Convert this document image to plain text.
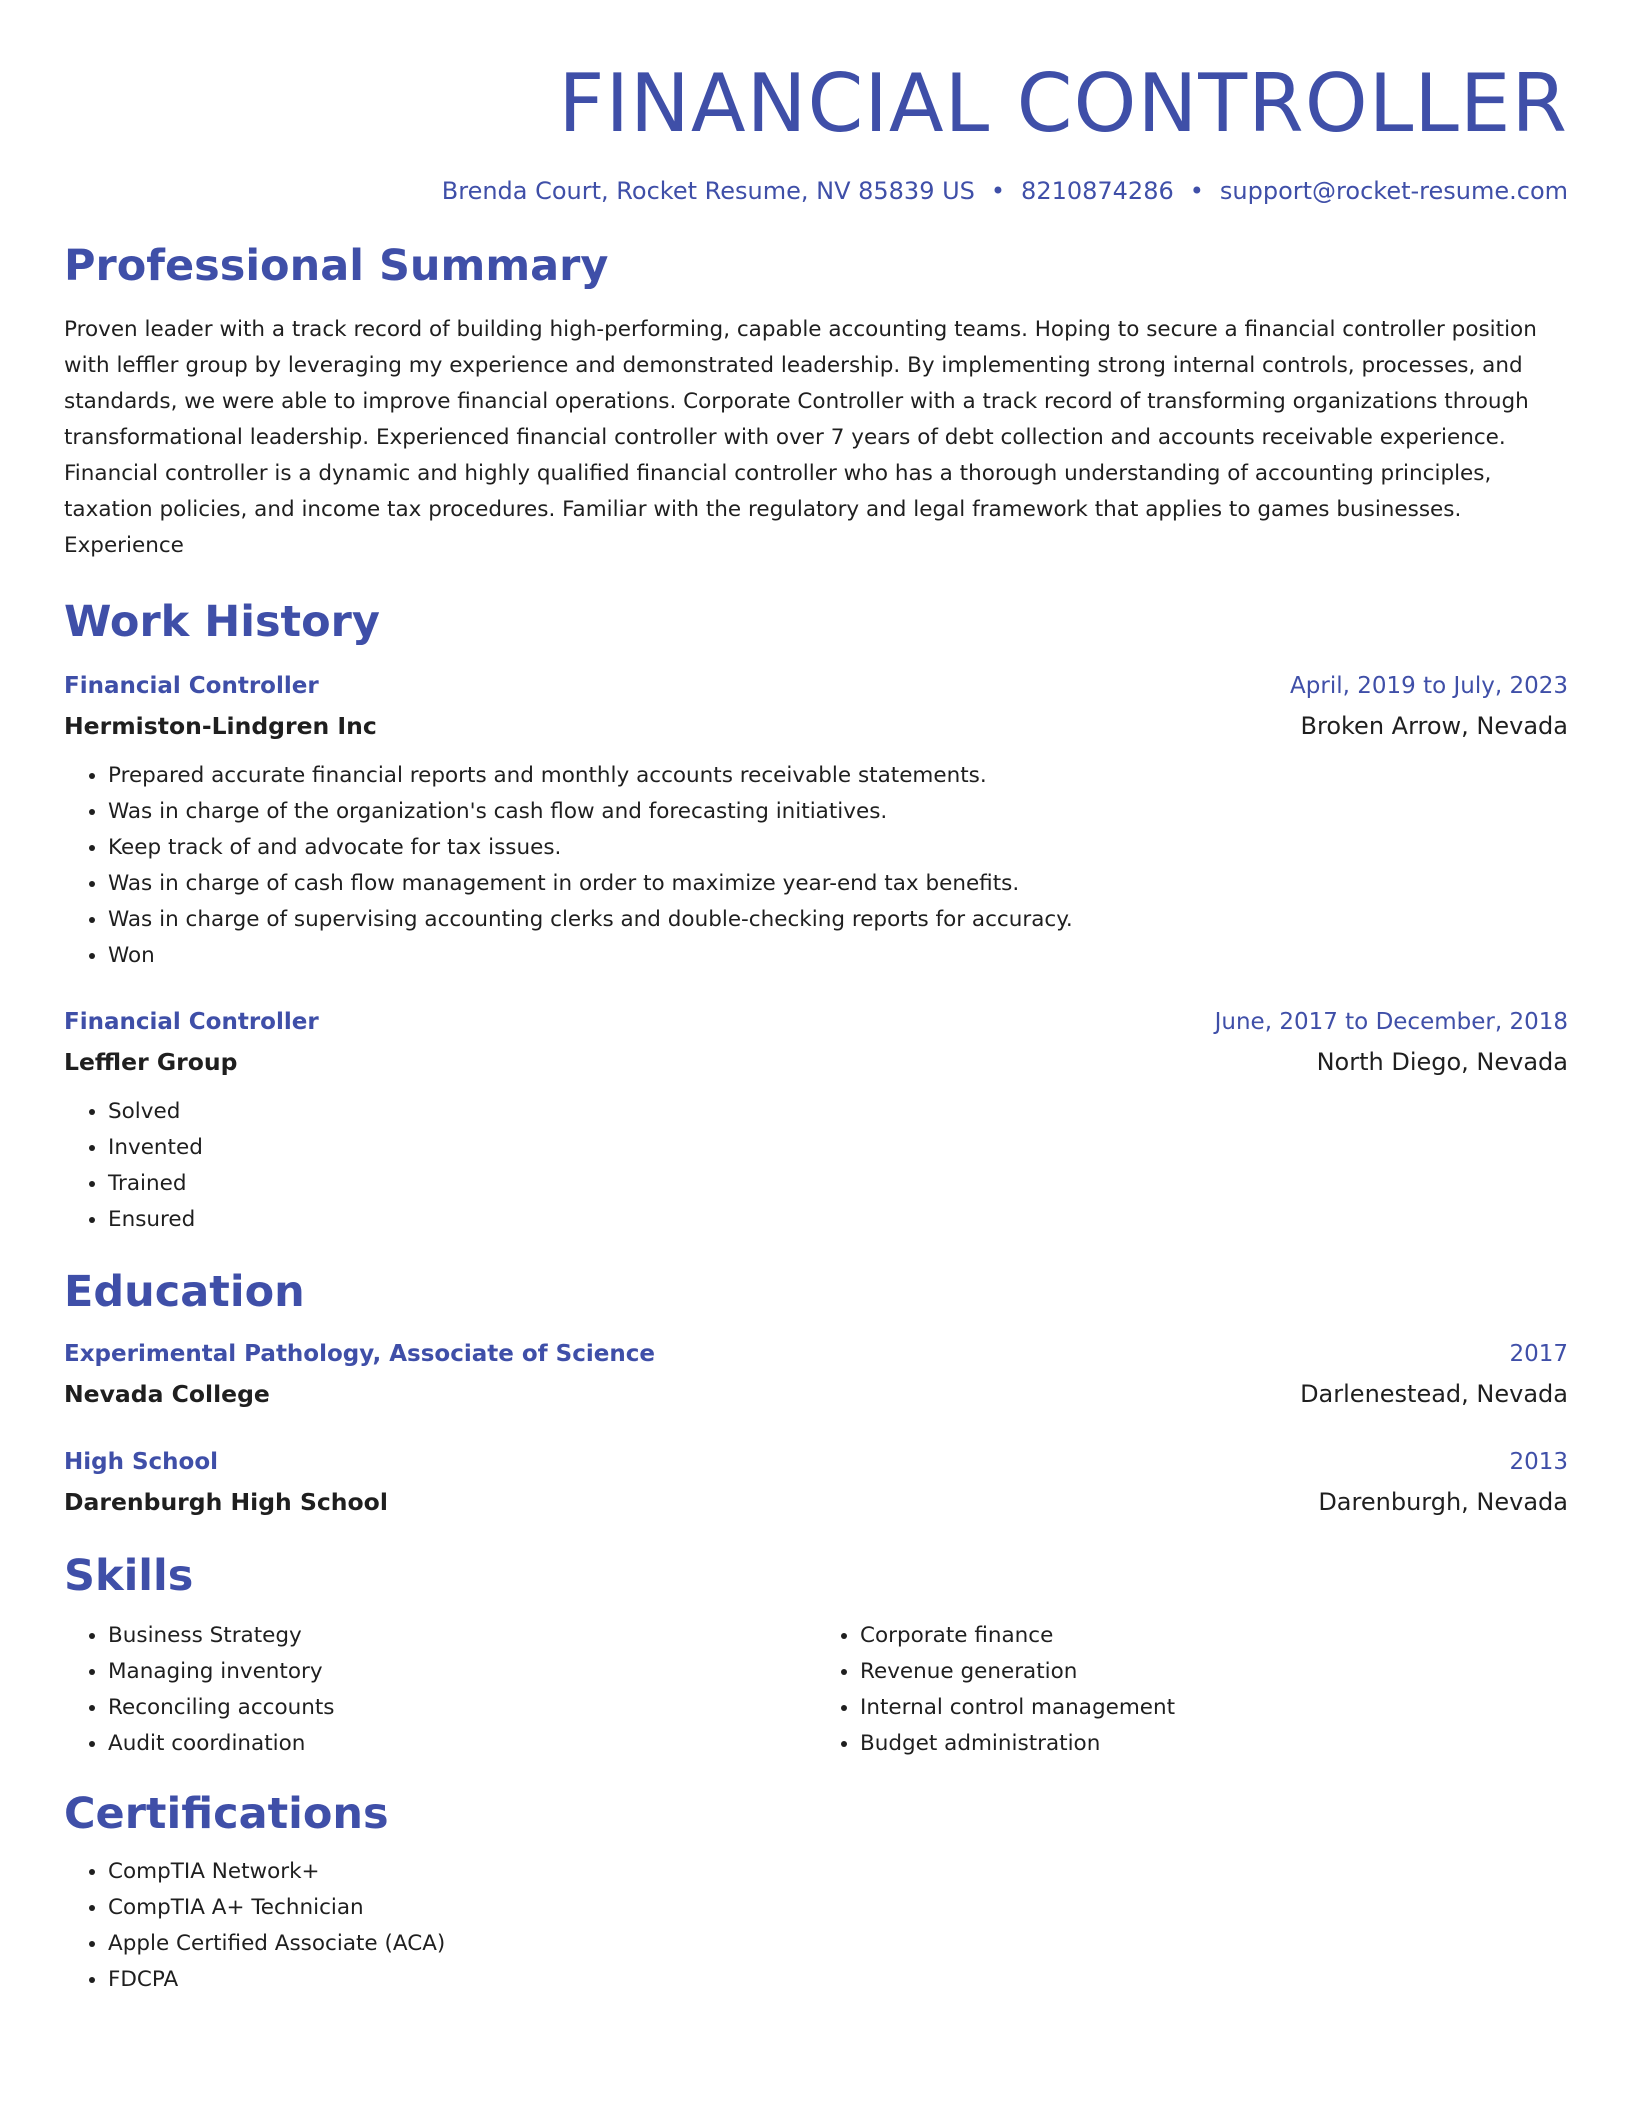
FINANCIAL CONTROLLER
Brenda Court, Rocket Resume, NV 85839 US • 8210874286 • support@rocket-resume.com
Professional Summary
Proven leader with a track record of building high-performing, capable accounting teams. Hoping to secure a financial controller position with leffler group by leveraging my experience and demonstrated leadership. By implementing strong internal controls, processes, and standards, we were able to improve financial operations. Corporate Controller with a track record of transforming organizations through transformational leadership. Experienced financial controller with over 7 years of debt collection and accounts receivable experience. Financial controller is a dynamic and highly qualified financial controller who has a thorough understanding of accounting principles, taxation policies, and income tax procedures. Familiar with the regulatory and legal framework that applies to games businesses. Experience
Work History
Financial Controller	April, 2019 to July, 2023
Hermiston-Lindgren Inc	Broken Arrow, Nevada
• Prepared accurate financial reports and monthly accounts receivable statements.
• Was in charge of the organization's cash flow and forecasting initiatives.
• Keep track of and advocate for tax issues.
• Was in charge of cash flow management in order to maximize year-end tax benefits.
• Was in charge of supervising accounting clerks and double-checking reports for accuracy.
• Won
Financial Controller	June, 2017 to December, 2018
Leffler Group	North Diego, Nevada
• Solved
• Invented
• Trained
• Ensured
Education
Experimental Pathology, Associate of Science	2017
Nevada College	Darlenestead, Nevada
High School	2013
Darenburgh High School	Darenburgh, Nevada
Skills
• Business Strategy
• Managing inventory
• Reconciling accounts
• Audit coordination
• Corporate finance
• Revenue generation
• Internal control management
• Budget administration
Certifications
• CompTIA Network+
• CompTIA A+ Technician
• Apple Certified Associate (ACA)
• FDCPA
